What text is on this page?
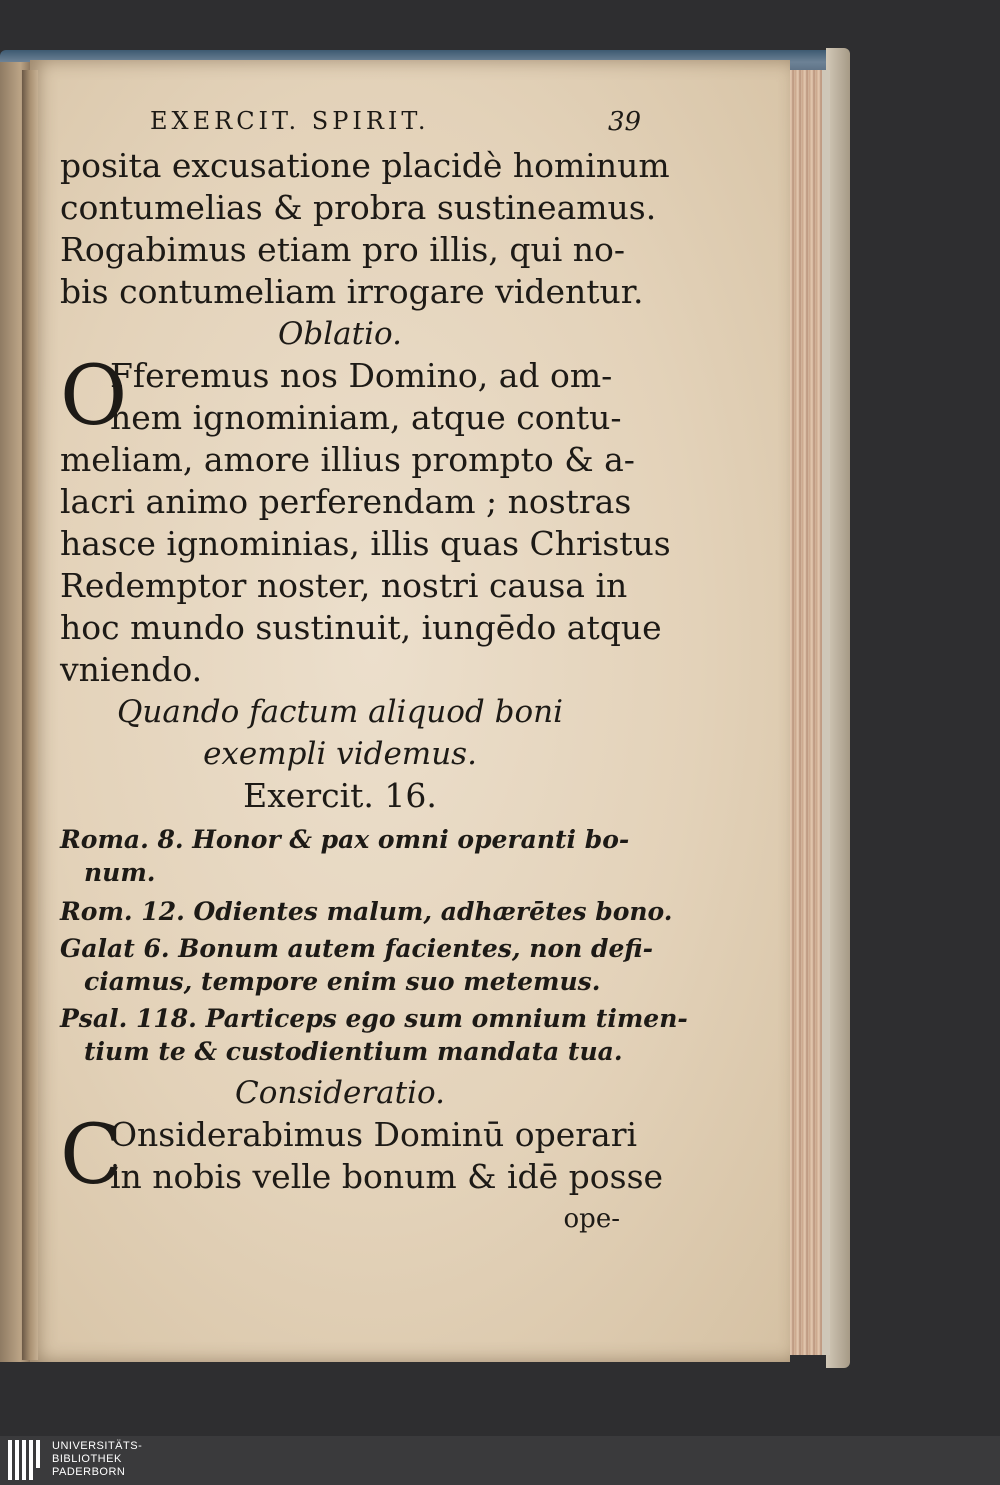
EXERCIT. SPIRIT.	39
posita excusatione placidè hominum
contumelias & probra sustineamus.
Rogabimus etiam pro illis, qui no-
bis contumeliam irrogare videntur.
Oblatio.
O
Fferemus nos Domino, ad om-
nem ignominiam, atque contu-
meliam, amore illius prompto & a-
lacri animo perferendam ; nostras
hasce ignominias, illis quas Christus
Redemptor noster, nostri causa in
hoc mundo sustinuit, iungēdo atque
vniendo.
Quando factum aliquod boni
exempli videmus.
Exercit. 16.
Roma. 8. Honor & pax omni operanti bo-
num.
Rom. 12. Odientes malum, adhærētes bono.
Galat 6. Bonum autem facientes, non defi-
ciamus, tempore enim suo metemus.
Psal. 118. Particeps ego sum omnium timen-
tium te & custodientium mandata tua.
Consideratio.
C
Onsiderabimus Dominū operari
in nobis velle bonum & idē posse
ope-
UNIVERSITÄTS-
BIBLIOTHEK
PADERBORN
